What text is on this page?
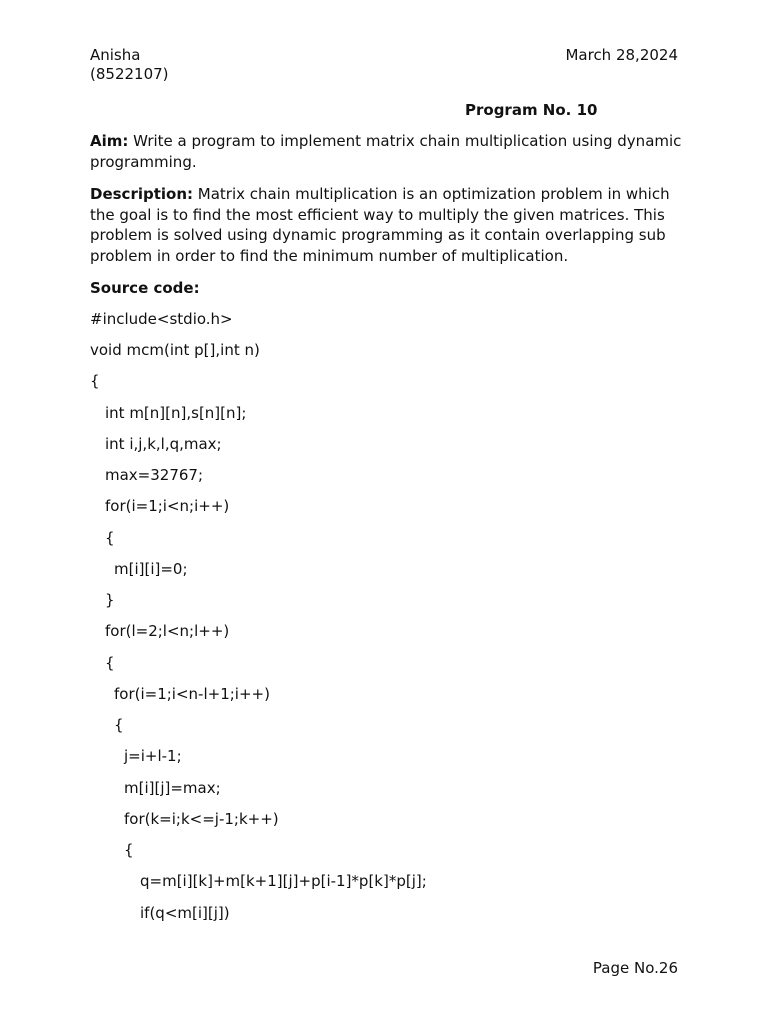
Anisha
(8522107)
March 28,2024
Program No. 10
Aim: Write a program to implement matrix chain multiplication using dynamic programming.
Description: Matrix chain multiplication is an optimization problem in which the goal is to find the most efficient way to multiply the given matrices. This problem is solved using dynamic programming as it contain overlapping sub problem in order to find the minimum number of multiplication.
Source code:
#include<stdio.h>
void mcm(int p[],int n)
{
int m[n][n],s[n][n];
int i,j,k,l,q,max;
max=32767;
for(i=1;i<n;i++)
{
m[i][i]=0;
}
for(l=2;l<n;l++)
{
for(i=1;i<n-l+1;i++)
{
j=i+l-1;
m[i][j]=max;
for(k=i;k<=j-1;k++)
{
q=m[i][k]+m[k+1][j]+p[i-1]*p[k]*p[j];
if(q<m[i][j])
Page No.26
